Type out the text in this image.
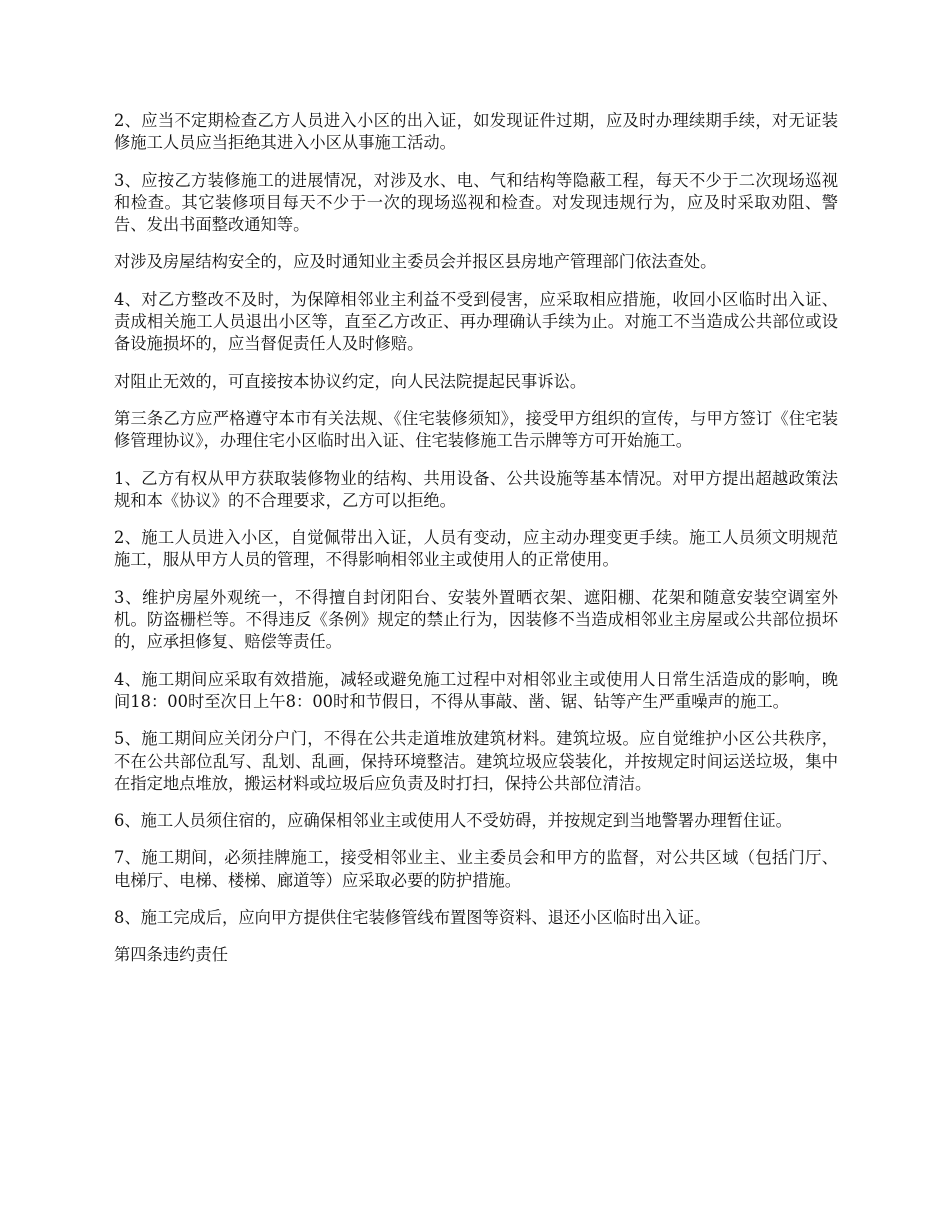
2、应当不定期检查乙方人员进入小区的出入证，如发现证件过期，应及时办理续期手续，对无证装修施工人员应当拒绝其进入小区从事施工活动。

3、应按乙方装修施工的进展情况，对涉及水、电、气和结构等隐蔽工程，每天不少于二次现场巡视和检查。其它装修项目每天不少于一次的现场巡视和检查。对发现违规行为，应及时采取劝阻、警告、发出书面整改通知等。

对涉及房屋结构安全的，应及时通知业主委员会并报区县房地产管理部门依法查处。

4、对乙方整改不及时，为保障相邻业主利益不受到侵害，应采取相应措施，收回小区临时出入证、责成相关施工人员退出小区等，直至乙方改正、再办理确认手续为止。对施工不当造成公共部位或设备设施损坏的，应当督促责任人及时修赔。

对阻止无效的，可直接按本协议约定，向人民法院提起民事诉讼。

第三条乙方应严格遵守本市有关法规、《住宅装修须知》，接受甲方组织的宣传，与甲方签订《住宅装修管理协议》，办理住宅小区临时出入证、住宅装修施工告示牌等方可开始施工。

1、乙方有权从甲方获取装修物业的结构、共用设备、公共设施等基本情况。对甲方提出超越政策法规和本《协议》的不合理要求，乙方可以拒绝。

2、施工人员进入小区，自觉佩带出入证，人员有变动，应主动办理变更手续。施工人员须文明规范施工，服从甲方人员的管理，不得影响相邻业主或使用人的正常使用。

3、维护房屋外观统一，不得擅自封闭阳台、安装外置晒衣架、遮阳棚、花架和随意安装空调室外机。防盗栅栏等。不得违反《条例》规定的禁止行为，因装修不当造成相邻业主房屋或公共部位损坏的，应承担修复、赔偿等责任。

4、施工期间应采取有效措施，减轻或避免施工过程中对相邻业主或使用人日常生活造成的影响，晚间18：00时至次日上午8：00时和节假日，不得从事敲、凿、锯、钻等产生严重噪声的施工。

5、施工期间应关闭分户门，不得在公共走道堆放建筑材料。建筑垃圾。应自觉维护小区公共秩序，不在公共部位乱写、乱划、乱画，保持环境整洁。建筑垃圾应袋装化，并按规定时间运送垃圾，集中在指定地点堆放，搬运材料或垃圾后应负责及时打扫，保持公共部位清洁。

6、施工人员须住宿的，应确保相邻业主或使用人不受妨碍，并按规定到当地警署办理暂住证。

7、施工期间，必须挂牌施工，接受相邻业主、业主委员会和甲方的监督，对公共区域（包括门厅、电梯厅、电梯、楼梯、廊道等）应采取必要的防护措施。

8、施工完成后，应向甲方提供住宅装修管线布置图等资料、退还小区临时出入证。

第四条违约责任
